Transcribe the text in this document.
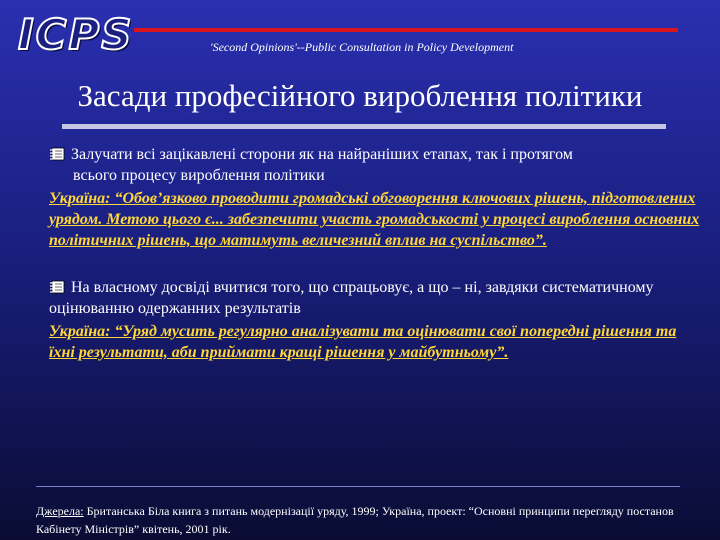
ICPS	'Second Opinions'--Public Consultation in Policy Development
Засади професійного вироблення політики

Залучати всі зацікавлені сторони як на найраніших етапах, так і протягом
всього процесу вироблення політики

Україна: “Обов’язково проводити громадські обговорення ключових рішень, підготовлених урядом. Метою цього є... забезпечити участь громадськості у процесі вироблення основних політичних рішень, що матимуть величезний вплив на суспільство”.

На власному досвіді вчитися того, що спрацьовує, а що – ні, завдяки систематичному оцінюванню одержанних результатів

Україна: “Уряд мусить регулярно аналізувати та оцінювати свої попередні рішення та їхні результати, аби приймати кращі рішення у майбутньому”.

Джерела: Британська Біла книга з питань модернізації уряду, 1999; Україна, проект: “Основні принципи перегляду постанов Кабінету Міністрів” квітень, 2001 рік.
